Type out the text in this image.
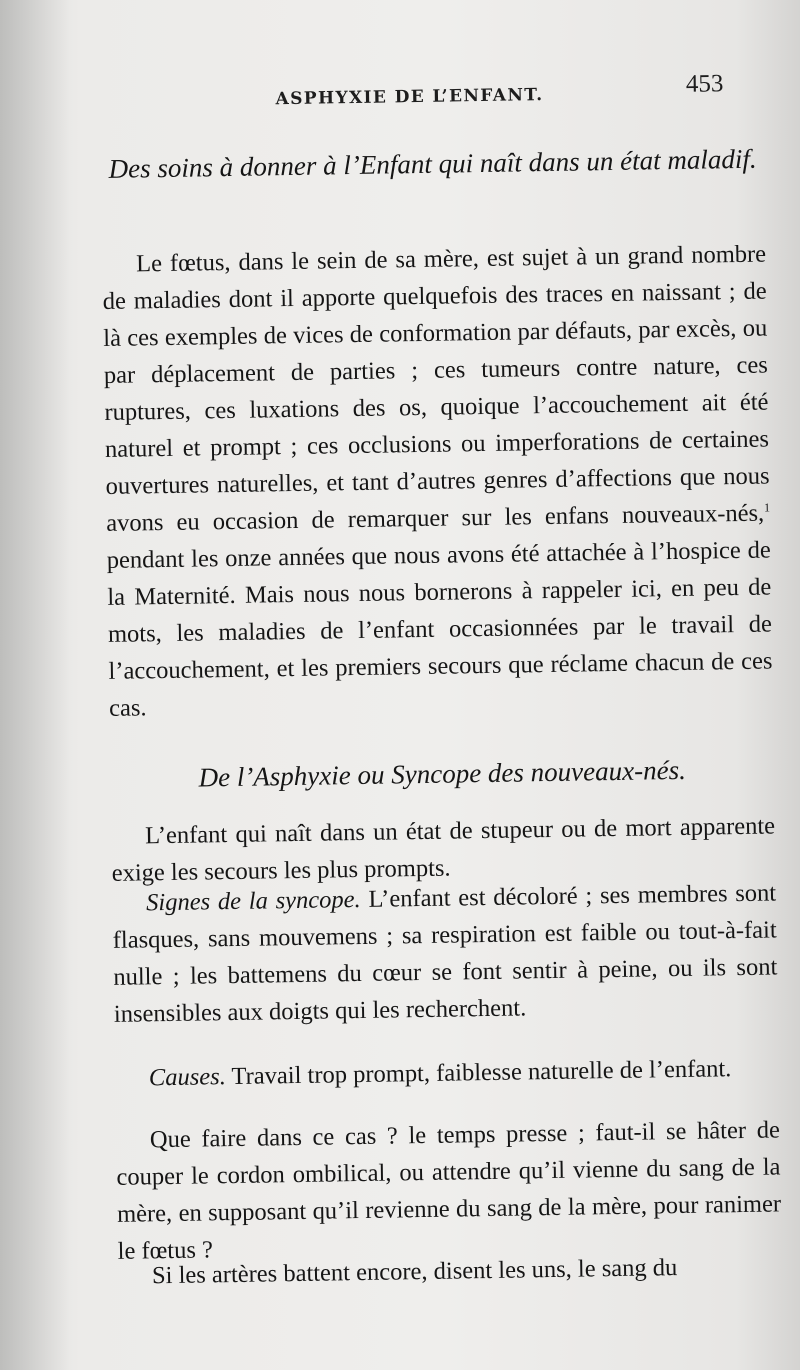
ASPHYXIE DE L’ENFANT.	453
Des soins à donner à l’Enfant qui naît dans un état maladif.

Le fœtus, dans le sein de sa mère, est sujet à un grand nombre de maladies dont il apporte quelquefois des traces en naissant ; de là ces exemples de vices de conformation par défauts, par excès, ou par déplacement de parties ; ces tumeurs contre nature, ces ruptures, ces luxations des os, quoique l’accouchement ait été naturel et prompt ; ces occlusions ou imperforations de certaines ouvertures naturelles, et tant d’autres genres d’affections que nous avons eu occasion de remarquer sur les enfans nouveaux-nés,$^1$ pendant les onze années que nous avons été attachée à l’hospice de la Maternité. Mais nous nous bornerons à rappeler ici, en peu de mots, les maladies de l’enfant occasionnées par le travail de l’accouchement, et les premiers secours que réclame chacun de ces cas.

De l’Asphyxie ou Syncope des nouveaux-nés.

L’enfant qui naît dans un état de stupeur ou de mort apparente exige les secours les plus prompts.

Signes de la syncope. L’enfant est décoloré ; ses membres sont flasques, sans mouvemens ; sa respiration est faible ou tout-à-fait nulle ; les battemens du cœur se font sentir à peine, ou ils sont insensibles aux doigts qui les recherchent.

Causes. Travail trop prompt, faiblesse naturelle de l’enfant.

Que faire dans ce cas ? le temps presse ; faut-il se hâter de couper le cordon ombilical, ou attendre qu’il vienne du sang de la mère, en supposant qu’il revienne du sang de la mère, pour ranimer le fœtus ?

Si les artères battent encore, disent les uns, le sang du
